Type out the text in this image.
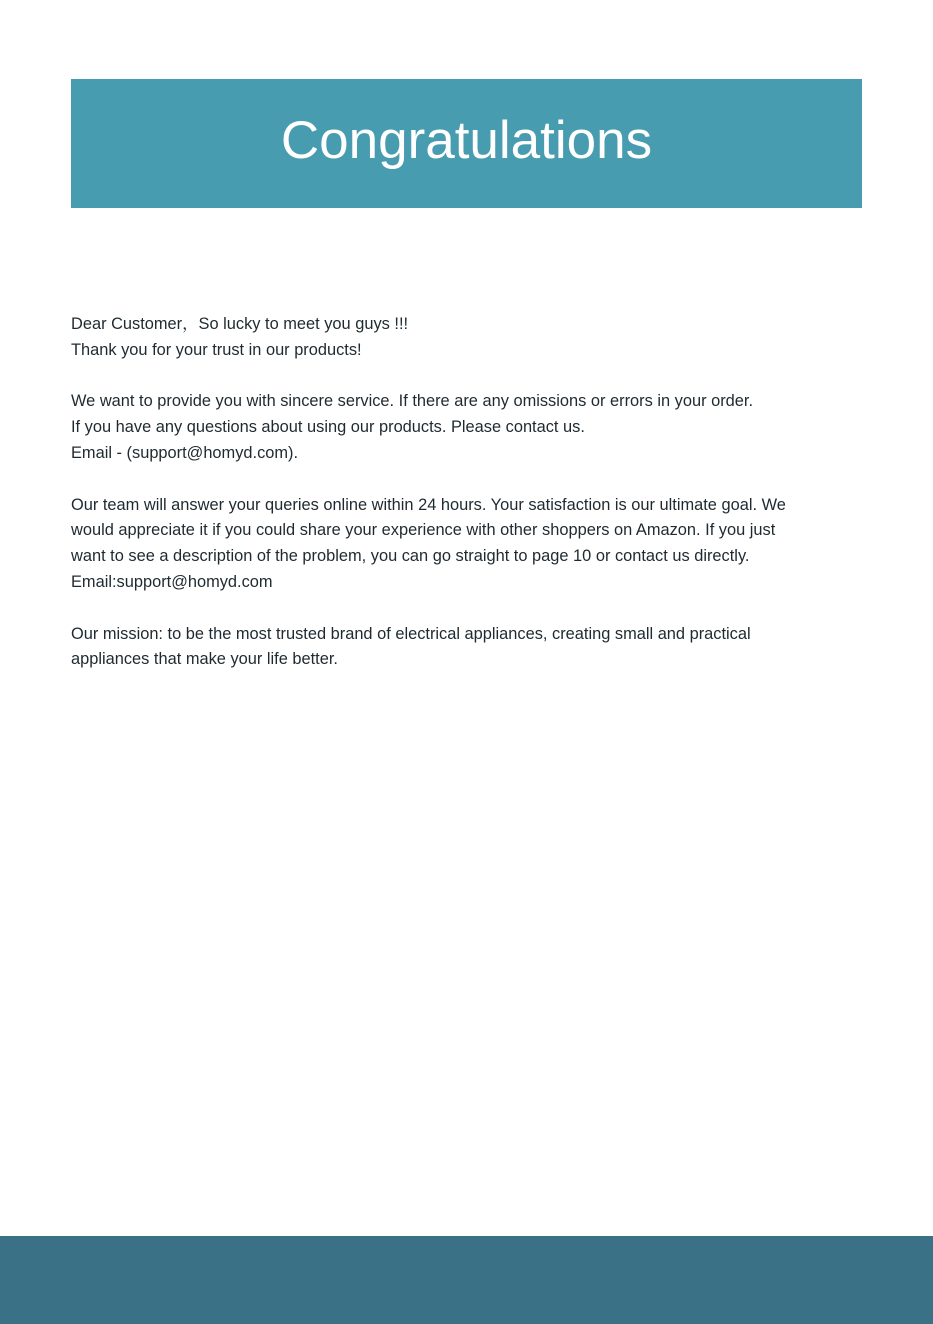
Congratulations

Dear Customer，So lucky to meet you guys !!!

Thank you for your trust in our products!

We want to provide you with sincere service. If there are any omissions or errors in your order.

If you have any questions about using our products. Please contact us.

Email - (support@homyd.com).

Our team will answer your queries online within 24 hours. Your satisfaction is our ultimate goal. We

would appreciate it if you could share your experience with other shoppers on Amazon. If you just

want to see a description of the problem, you can go straight to page 10 or contact us directly.

Email:support@homyd.com

Our mission: to be the most trusted brand of electrical appliances, creating small and practical

appliances that make your life better.
